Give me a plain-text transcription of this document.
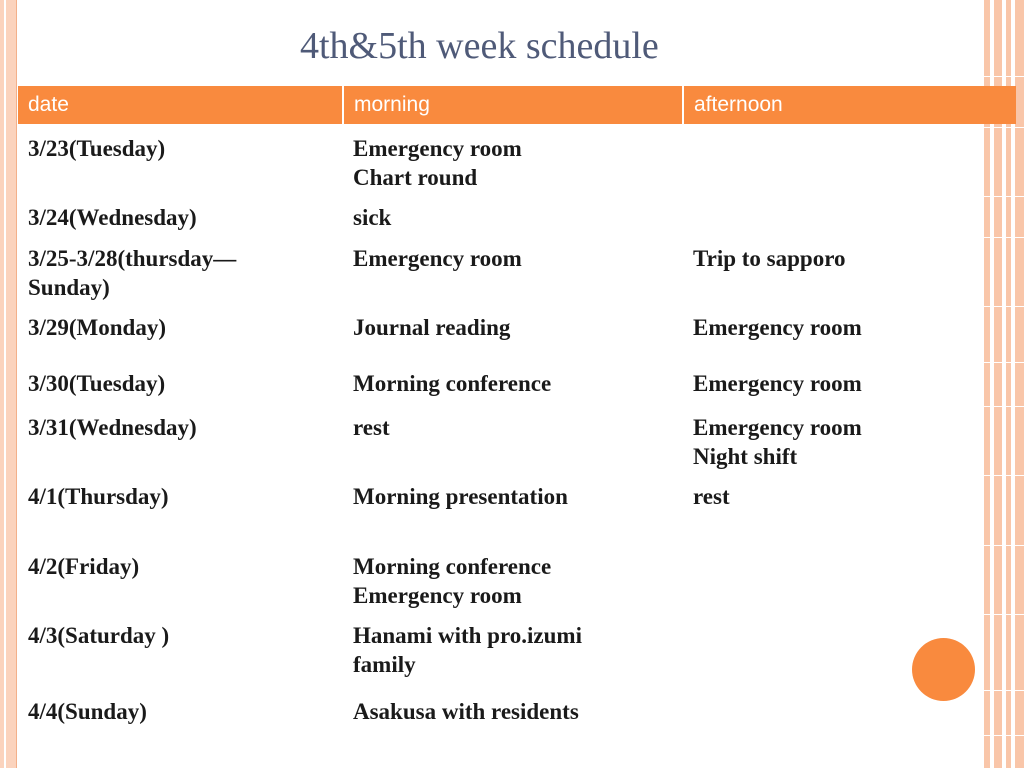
4th&5th week schedule
date	morning	afternoon

3/23(Tuesday)	Emergency room
Chart round	

3/24(Wednesday)	sick	

3/25-3/28(thursday—
Sunday)	Emergency room	Trip to sapporo

3/29(Monday)	Journal reading	Emergency room

3/30(Tuesday)	Morning conference	Emergency room

3/31(Wednesday)	rest	Emergency room
Night shift

4/1(Thursday)	Morning presentation	rest

4/2(Friday)	Morning conference
Emergency room	

4/3(Saturday )	Hanami with pro.izumi
family	

4/4(Sunday)	Asakusa with residents	
